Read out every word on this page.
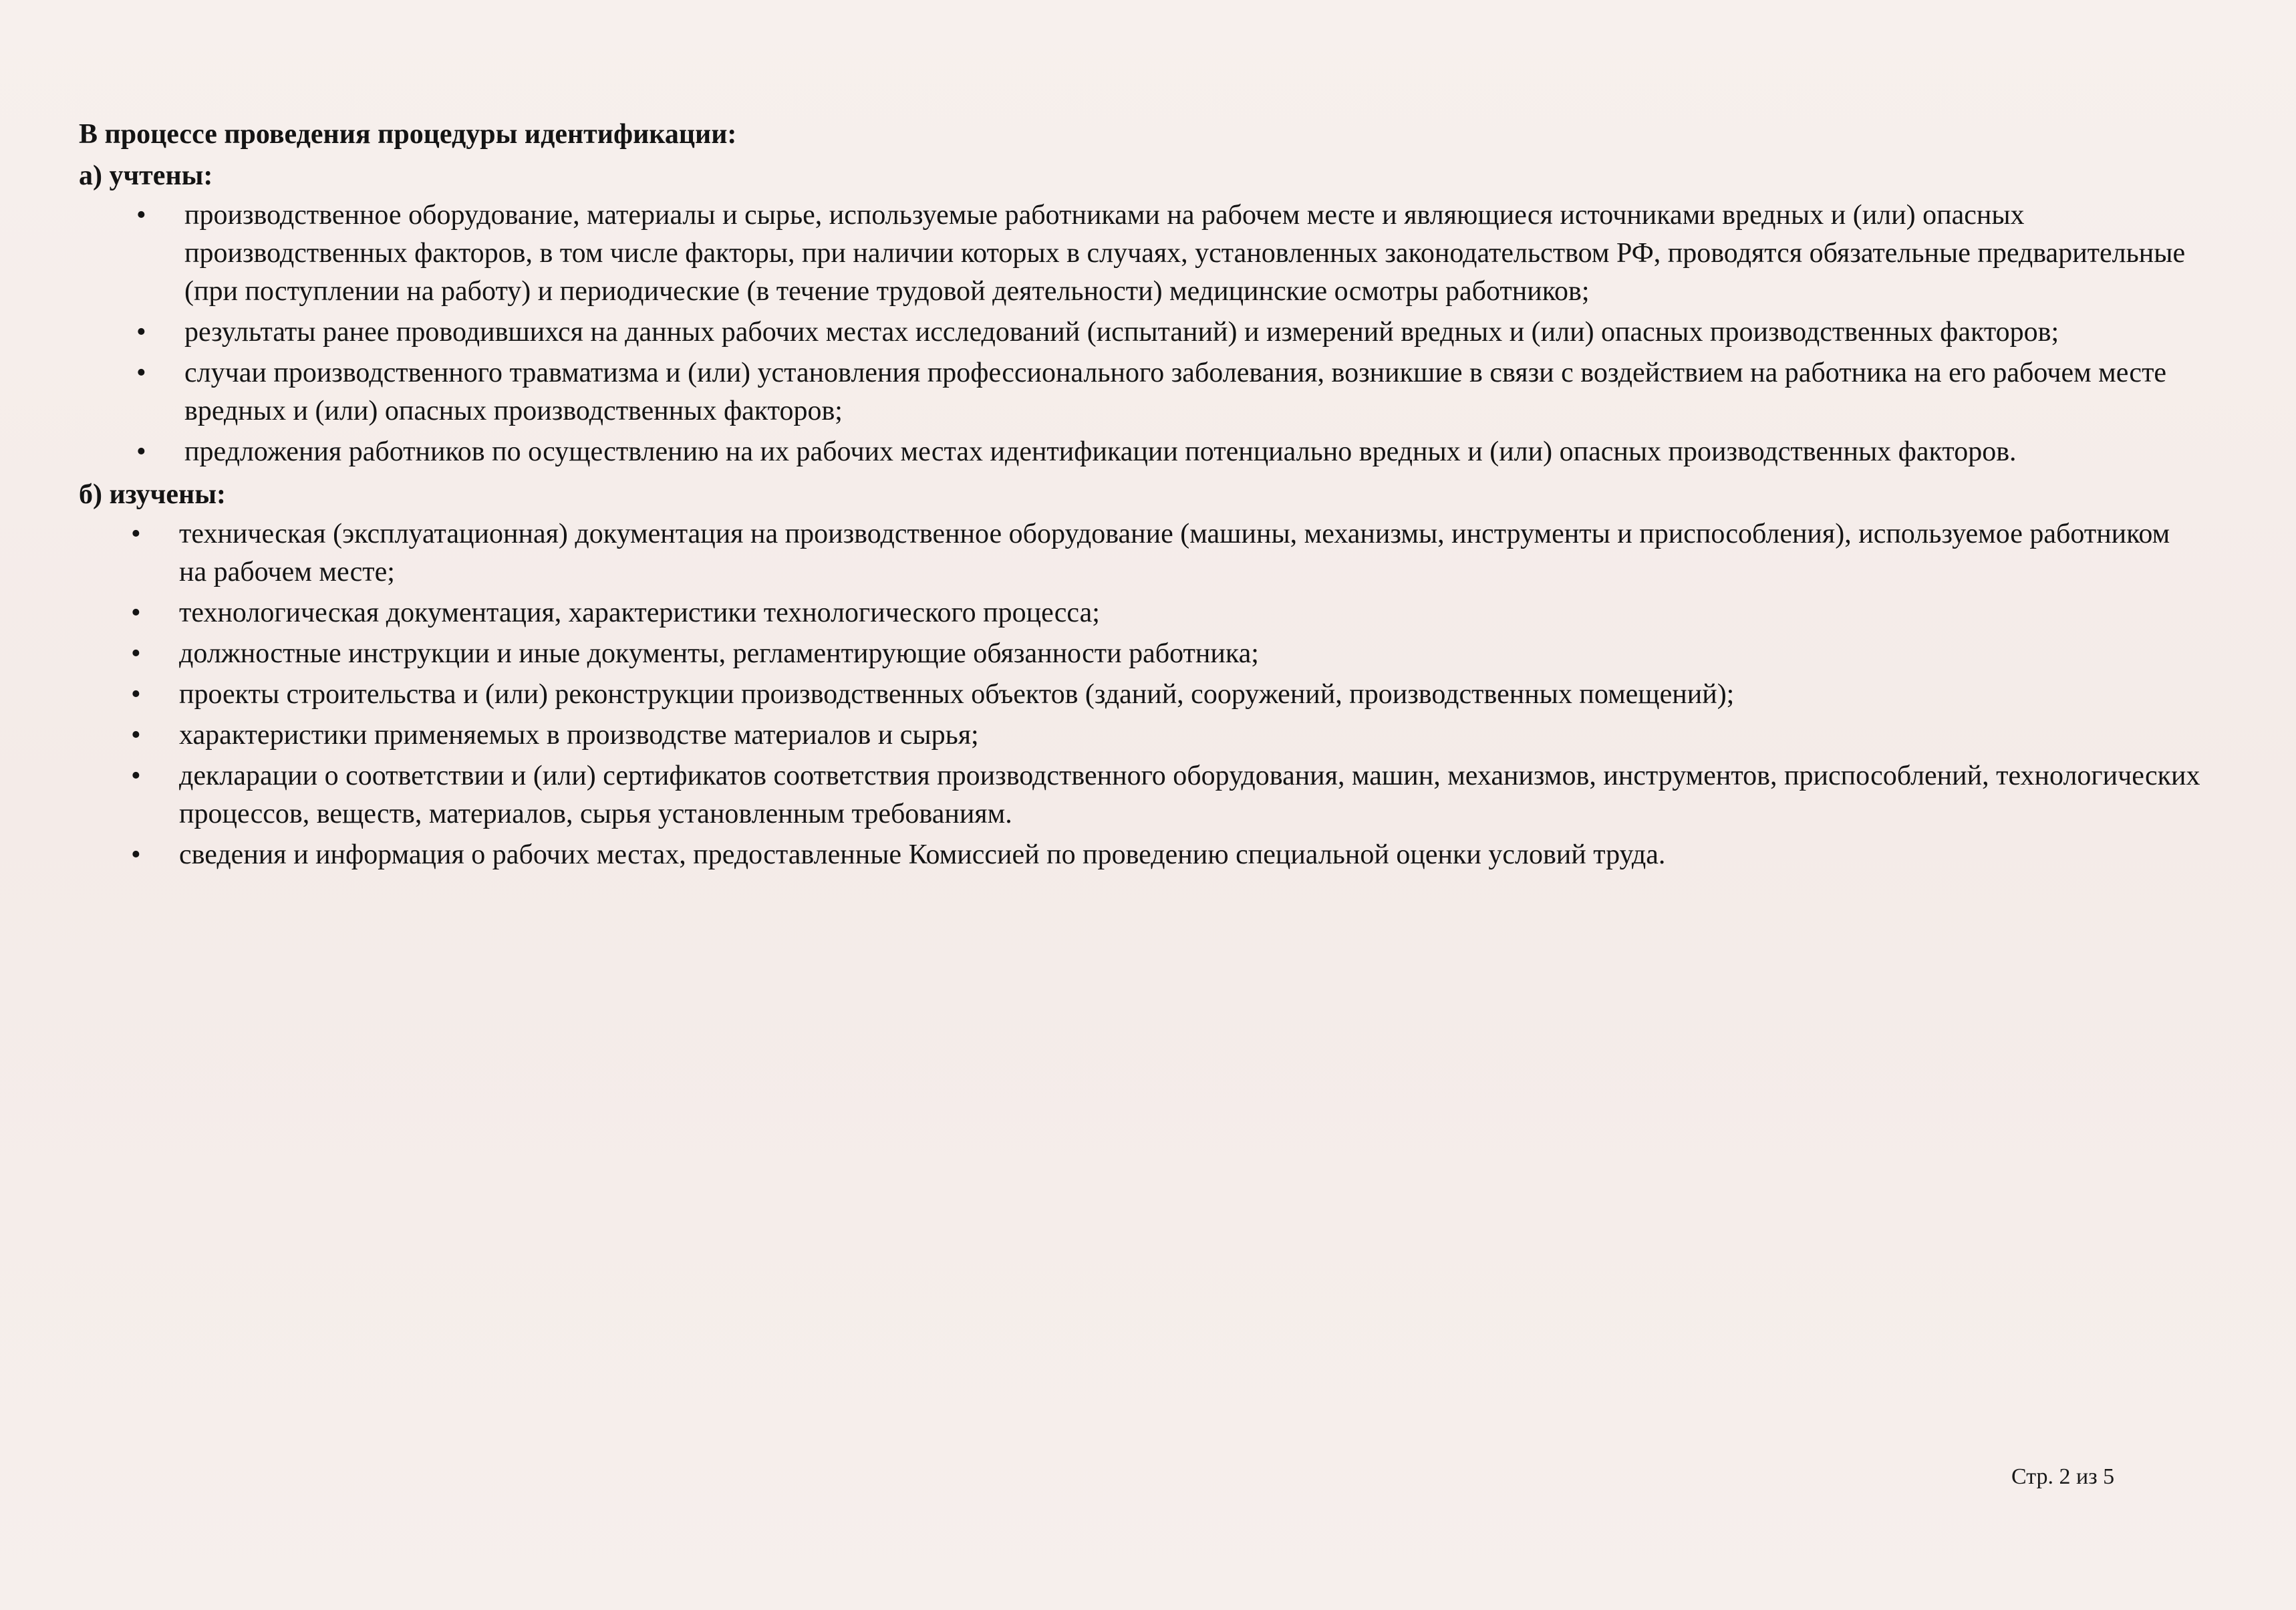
В процессе проведения процедуры идентификации:

а) учтены:

• производственное оборудование, материалы и сырье, используемые работниками на рабочем месте и являющиеся источниками вредных и (или) опасных производственных факторов, в том числе факторы, при наличии которых в случаях, установленных законодательством РФ, проводятся обязательные предварительные (при поступлении на работу) и периодические (в течение трудовой деятельности) медицинские осмотры работников;
• результаты ранее проводившихся на данных рабочих местах исследований (испытаний) и измерений вредных и (или) опасных производственных факторов;
• случаи производственного травматизма и (или) установления профессионального заболевания, возникшие в связи с воздействием на работника на его рабочем месте вредных и (или) опасных производственных факторов;
• предложения работников по осуществлению на их рабочих местах идентификации потенциально вредных и (или) опасных производственных факторов.

б) изучены:

• техническая (эксплуатационная) документация на производственное оборудование (машины, механизмы, инструменты и приспособления), используемое работником на рабочем месте;
• технологическая документация, характеристики технологического процесса;
• должностные инструкции и иные документы, регламентирующие обязанности работника;
• проекты строительства и (или) реконструкции производственных объектов (зданий, сооружений, производственных помещений);
• характеристики применяемых в производстве материалов и сырья;
• декларации о соответствии и (или) сертификатов соответствия производственного оборудования, машин, механизмов, инструментов, приспособлений, технологических процессов, веществ, материалов, сырья установленным требованиям.
• сведения и информация о рабочих местах, предоставленные Комиссией по проведению специальной оценки условий труда.
Стр. 2 из 5
